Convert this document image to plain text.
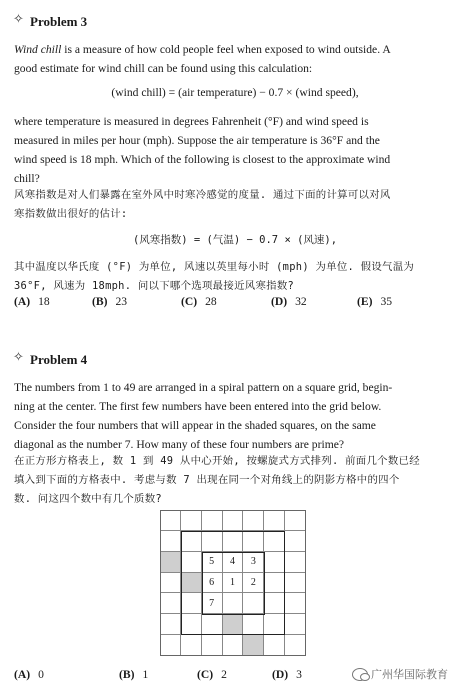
✧
Problem 3
Wind chill is a measure of how cold people feel when exposed to wind outside. A
good estimate for wind chill can be found using this calculation:
(wind chill) = (air temperature) − 0.7 × (wind speed),
where temperature is measured in degrees Fahrenheit (°F) and wind speed is
measured in miles per hour (mph). Suppose the air temperature is 36°F and the
wind speed is 18 mph. Which of the following is closest to the approximate wind
chill?
风寒指数是对人们暴露在室外风中时寒冷感觉的度量. 通过下面的计算可以对风
寒指数做出很好的估计:
(风寒指数) = (气温) − 0.7 × (风速),
其中温度以华氏度 (°F) 为单位, 风速以英里每小时 (mph) 为单位. 假设气温为
36°F, 风速为 18mph. 问以下哪个选项最接近风寒指数?
(A) 18	(B) 23	(C) 28	(D) 32	(E) 35
✧
Problem 4
The numbers from 1 to 49 are arranged in a spiral pattern on a square grid, begin-
ning at the center. The first few numbers have been entered into the grid below.
Consider the four numbers that will appear in the shaded squares, on the same
diagonal as the number 7. How many of these four numbers are prime?
在正方形方格表上, 数 1 到 49 从中心开始, 按螺旋式方式排列. 前面几个数已经
填入到下面的方格表中. 考虑与数 7 出现在同一个对角线上的阴影方格中的四个
数. 问这四个数中有几个质数?
5	4	3
6	1	2
7
(A) 0	(B) 1	(C) 2	(D) 3	广州华国际教育
